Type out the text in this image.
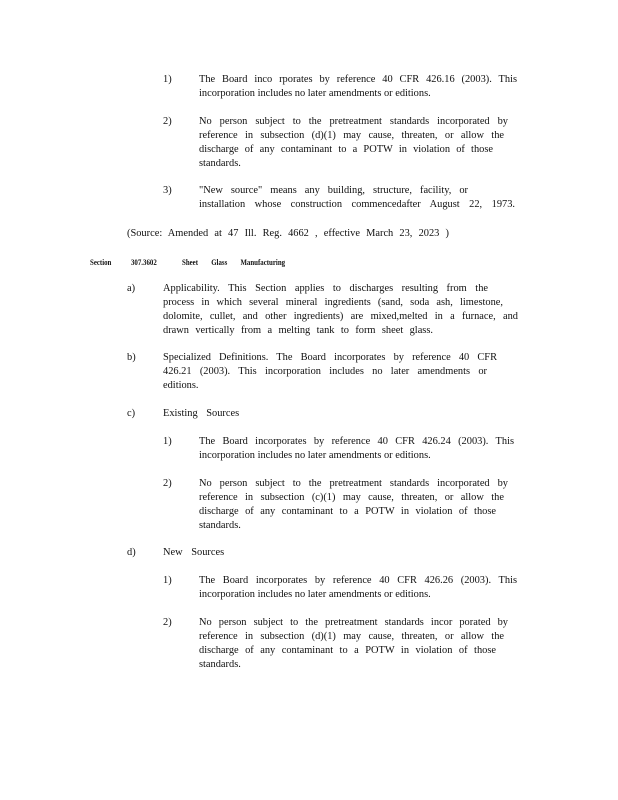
1)	The Board inco rporates by reference 40 CFR 426.16 (2003). This

incorporation includes no later amendments or editions.

2)	No person subject to the pretreatment standards incorporated by

reference in subsection (d)(1) may cause, threaten, or allow the

discharge of any contaminant to a POTW in violation of those

standards.

3)	"New source" means any building, structure, facility, or

installation whose construction commencedafter August 22, 1973.

(Source: Amended at 47 Ill. Reg. 4662 , effective March 23, 2023 )

Section 307.3602	Sheet Glass Manufacturing
a)	Applicability. This Section applies to discharges resulting from the

process in which several mineral ingredients (sand, soda ash, limestone,

dolomite, cullet, and other ingredients) are mixed,melted in a furnace, and

drawn vertically from a melting tank to form sheet glass.

b)	Specialized Definitions. The Board incorporates by reference 40 CFR

426.21 (2003). This incorporation includes no later amendments or

editions.

c)	Existing Sources
1)	The Board incorporates by reference 40 CFR 426.24 (2003). This

incorporation includes no later amendments or editions.

2)	No person subject to the pretreatment standards incorporated by

reference in subsection (c)(1) may cause, threaten, or allow the

discharge of any contaminant to a POTW in violation of those

standards.

d)	New Sources
1)	The Board incorporates by reference 40 CFR 426.26 (2003). This

incorporation includes no later amendments or editions.

2)	No person subject to the pretreatment standards incor porated by

reference in subsection (d)(1) may cause, threaten, or allow the

discharge of any contaminant to a POTW in violation of those

standards.
